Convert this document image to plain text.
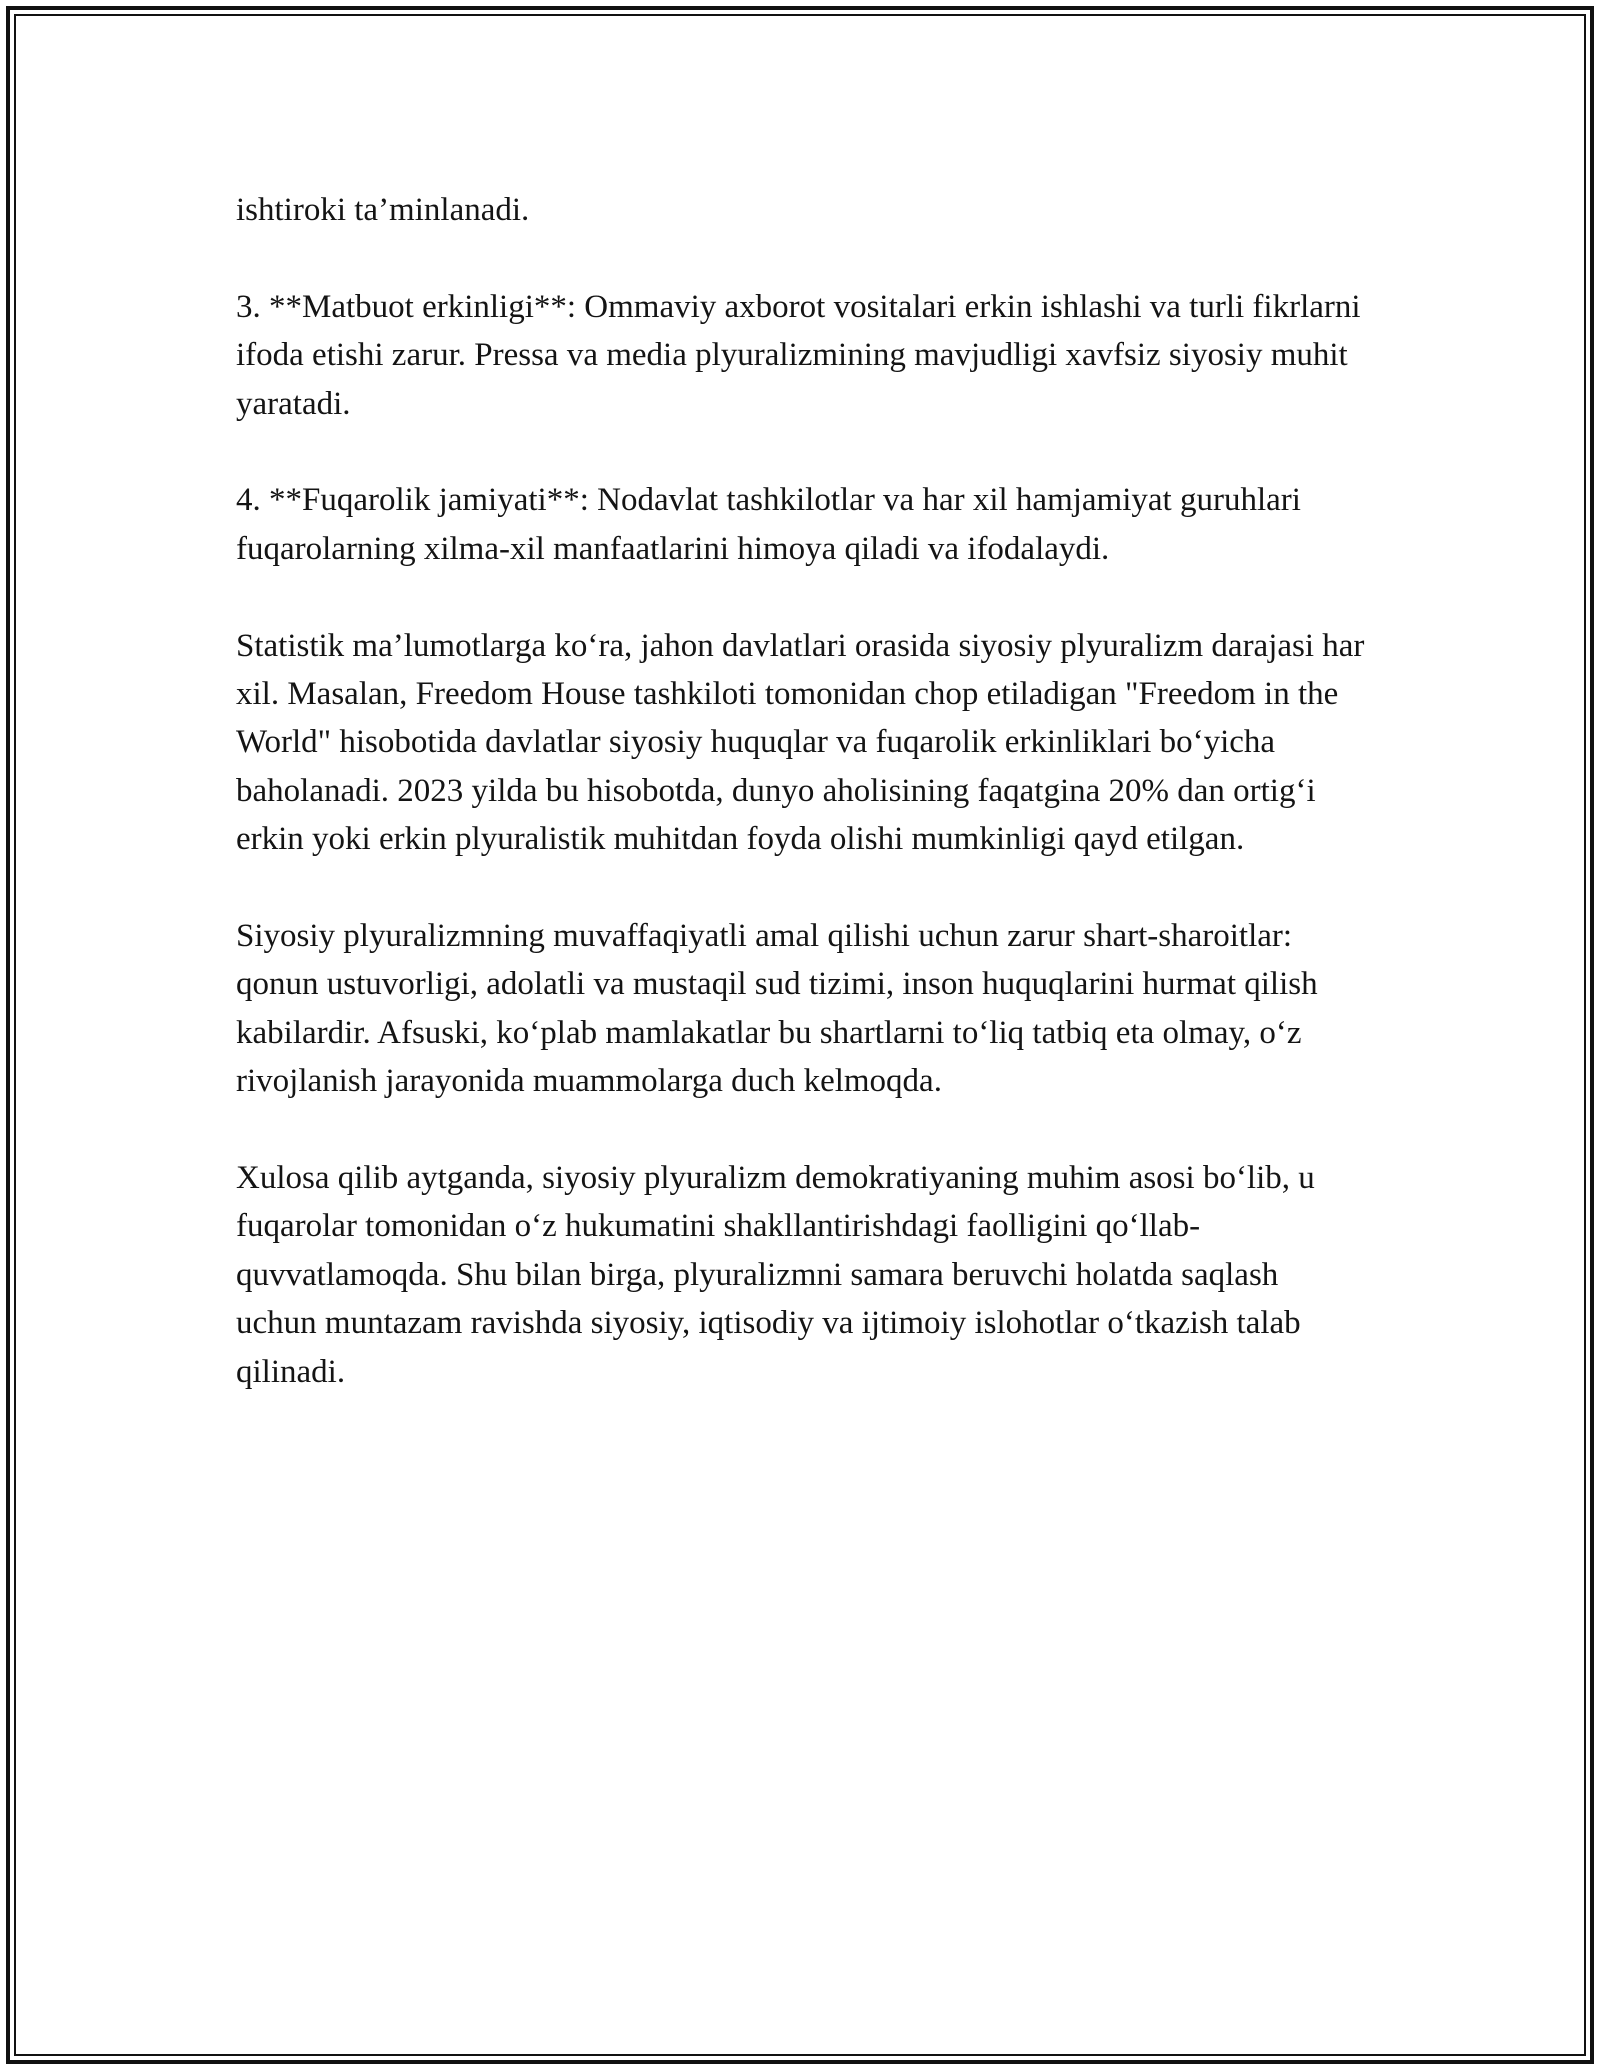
ishtiroki ta’minlanadi.

3. **Matbuot erkinligi**: Ommaviy axborot vositalari erkin ishlashi va turli fikrlarni ifoda etishi zarur. Pressa va media plyuralizmining mavjudligi xavfsiz siyosiy muhit yaratadi.

4. **Fuqarolik jamiyati**: Nodavlat tashkilotlar va har xil hamjamiyat guruhlari fuqarolarning xilma-xil manfaatlarini himoya qiladi va ifodalaydi.

Statistik ma’lumotlarga ko‘ra, jahon davlatlari orasida siyosiy plyuralizm darajasi har xil. Masalan, Freedom House tashkiloti tomonidan chop etiladigan "Freedom in the World" hisobotida davlatlar siyosiy huquqlar va fuqarolik erkinliklari bo‘yicha baholanadi. 2023 yilda bu hisobotda, dunyo aholisining faqatgina 20% dan ortig‘i erkin yoki erkin plyuralistik muhitdan foyda olishi mumkinligi qayd etilgan.

Siyosiy plyuralizmning muvaffaqiyatli amal qilishi uchun zarur shart-sharoitlar: qonun ustuvorligi, adolatli va mustaqil sud tizimi, inson huquqlarini hurmat qilish kabilardir. Afsuski, ko‘plab mamlakatlar bu shartlarni to‘liq tatbiq eta olmay, o‘z rivojlanish jarayonida muammolarga duch kelmoqda.

Xulosa qilib aytganda, siyosiy plyuralizm demokratiyaning muhim asosi bo‘lib, u fuqarolar tomonidan o‘z hukumatini shakllantirishdagi faolligini qo‘llab-quvvatlamoqda. Shu bilan birga, plyuralizmni samara beruvchi holatda saqlash uchun muntazam ravishda siyosiy, iqtisodiy va ijtimoiy islohotlar o‘tkazish talab qilinadi.
